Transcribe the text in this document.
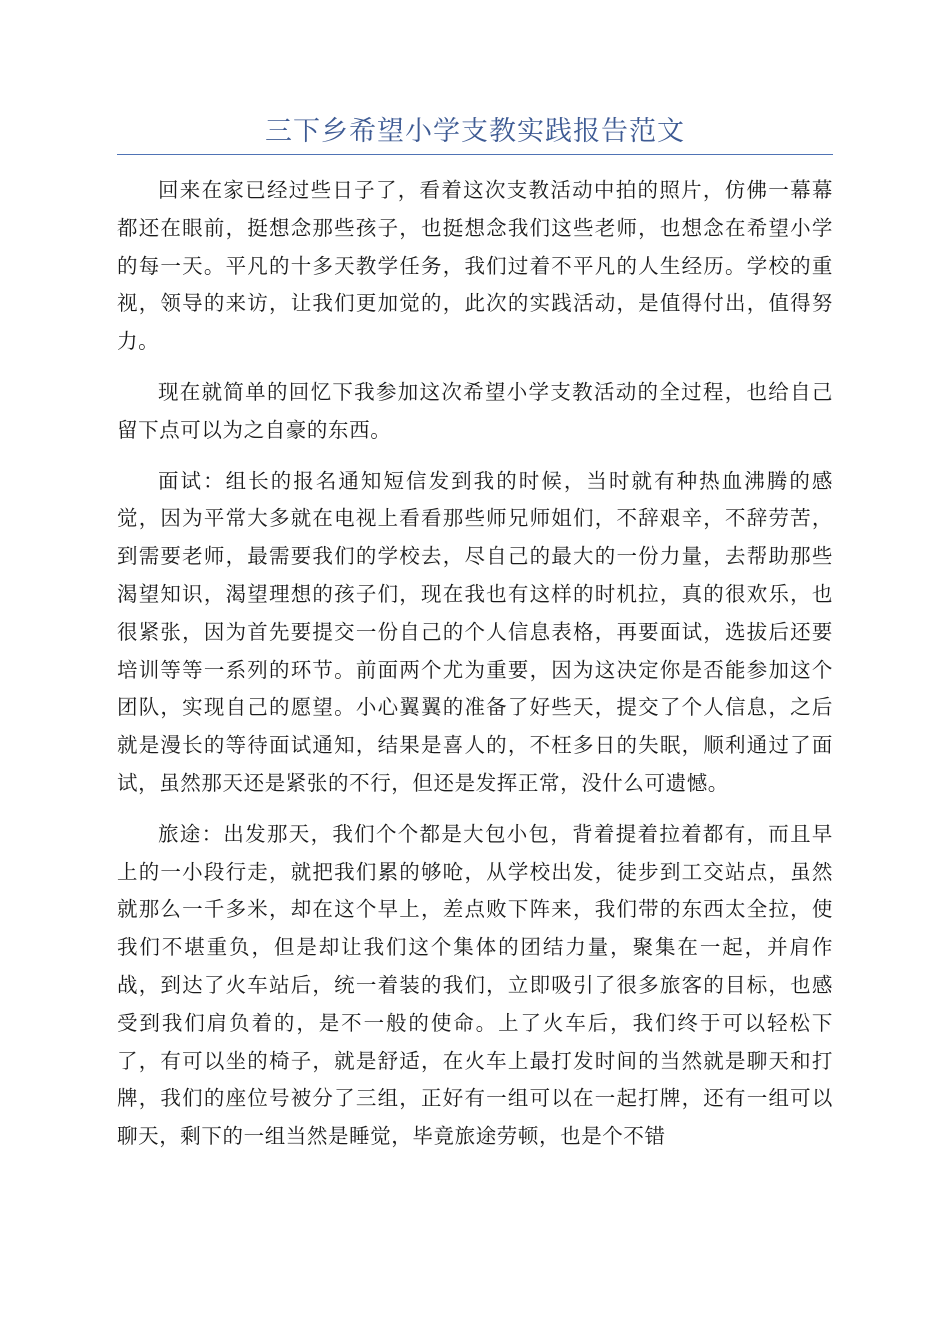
三下乡希望小学支教实践报告范文

回来在家已经过些日子了，看着这次支教活动中拍的照片，仿佛一幕幕都还在眼前，挺想念那些孩子，也挺想念我们这些老师，也想念在希望小学的每一天。平凡的十多天教学任务，我们过着不平凡的人生经历。学校的重视，领导的来访，让我们更加觉的，此次的实践活动，是值得付出，值得努力。

现在就简单的回忆下我参加这次希望小学支教活动的全过程，也给自己留下点可以为之自豪的东西。

面试：组长的报名通知短信发到我的时候，当时就有种热血沸腾的感觉，因为平常大多就在电视上看看那些师兄师姐们，不辞艰辛，不辞劳苦，到需要老师，最需要我们的学校去，尽自己的最大的一份力量，去帮助那些渴望知识，渴望理想的孩子们，现在我也有这样的时机拉，真的很欢乐，也很紧张，因为首先要提交一份自己的个人信息表格，再要面试，选拔后还要培训等等一系列的环节。前面两个尤为重要，因为这决定你是否能参加这个团队，实现自己的愿望。小心翼翼的准备了好些天，提交了个人信息，之后就是漫长的等待面试通知，结果是喜人的，不枉多日的失眠，顺利通过了面试，虽然那天还是紧张的不行，但还是发挥正常，没什么可遗憾。

旅途：出发那天，我们个个都是大包小包，背着提着拉着都有，而且早上的一小段行走，就把我们累的够呛，从学校出发，徒步到工交站点，虽然就那么一千多米，却在这个早上，差点败下阵来，我们带的东西太全拉，使我们不堪重负，但是却让我们这个集体的团结力量，聚集在一起，并肩作战，到达了火车站后，统一着装的我们，立即吸引了很多旅客的目标，也感受到我们肩负着的，是不一般的使命。上了火车后，我们终于可以轻松下了，有可以坐的椅子，就是舒适，在火车上最打发时间的当然就是聊天和打牌，我们的座位号被分了三组，正好有一组可以在一起打牌，还有一组可以聊天，剩下的一组当然是睡觉，毕竟旅途劳顿，也是个不错
